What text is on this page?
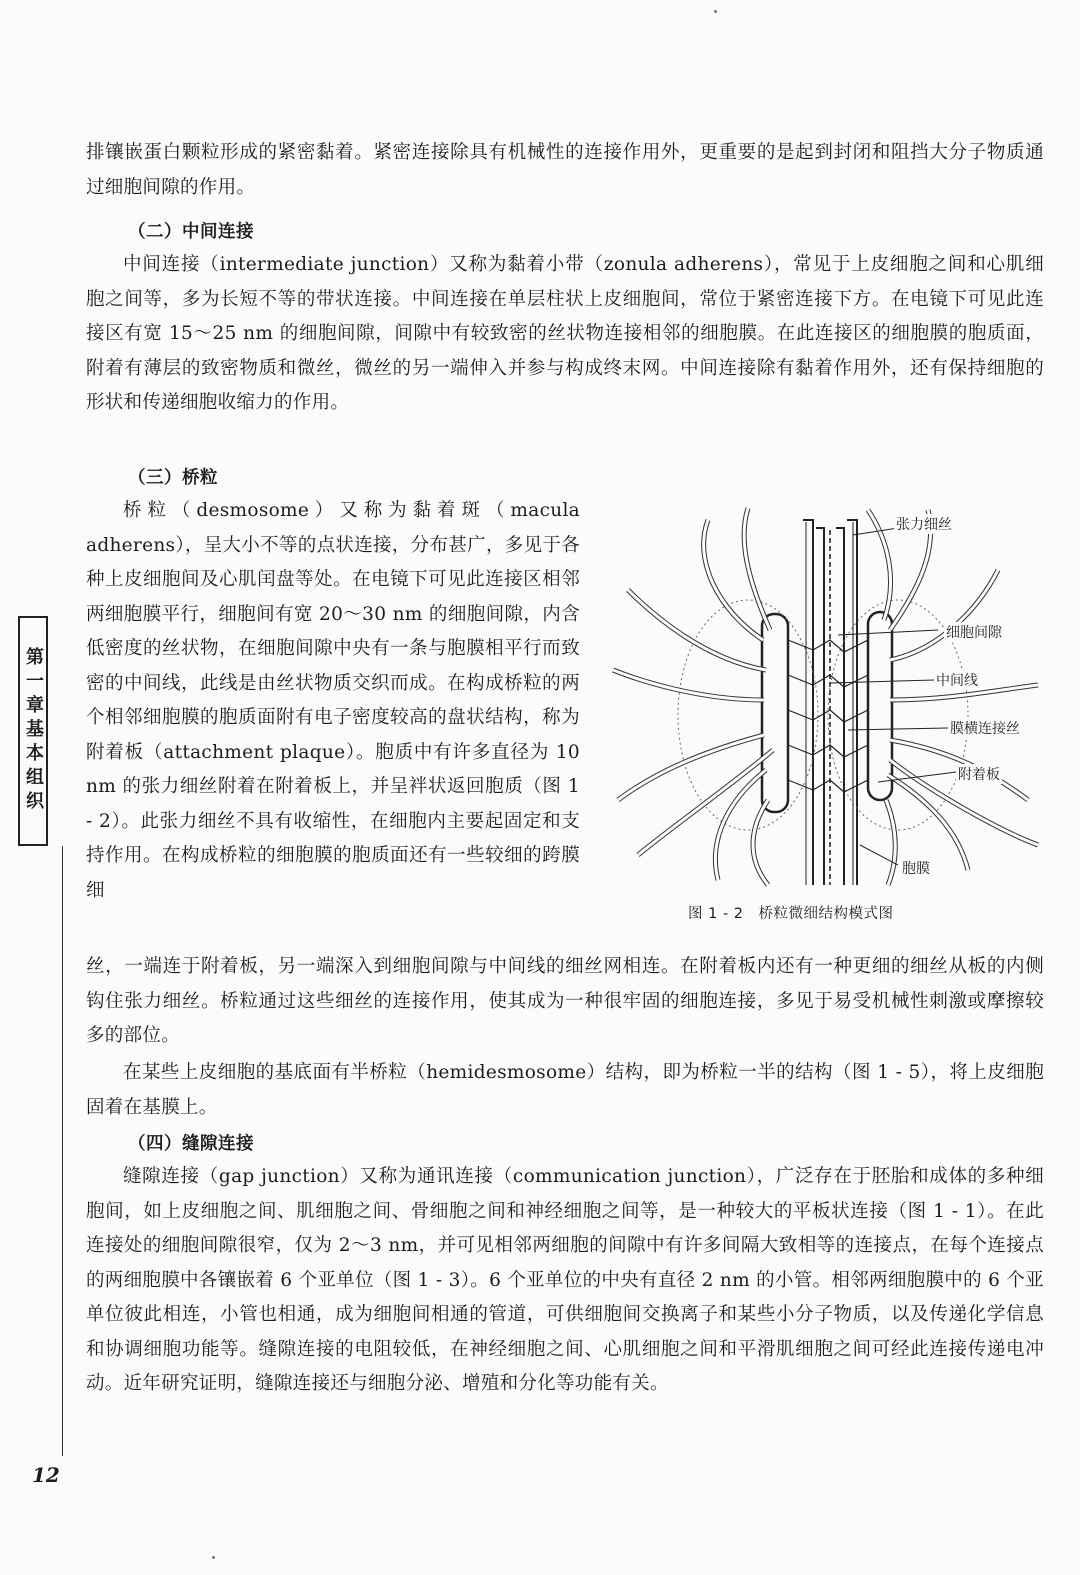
排镶嵌蛋白颗粒形成的紧密黏着。紧密连接除具有机械性的连接作用外，更重要的是起到封闭和阻挡大分子物质通过细胞间隙的作用。
（二）中间连接
中间连接（intermediate junction）又称为黏着小带（zonula adherens），常见于上皮细胞之间和心肌细胞之间等，多为长短不等的带状连接。中间连接在单层柱状上皮细胞间，常位于紧密连接下方。在电镜下可见此连接区有宽 15～25 nm 的细胞间隙，间隙中有较致密的丝状物连接相邻的细胞膜。在此连接区的细胞膜的胞质面，附着有薄层的致密物质和微丝，微丝的另一端伸入并参与构成终末网。中间连接除有黏着作用外，还有保持细胞的形状和传递细胞收缩力的作用。
（三）桥粒
桥粒（desmosome）又称为黏着斑（macula adherens），呈大小不等的点状连接，分布甚广，多见于各种上皮细胞间及心肌闰盘等处。在电镜下可见此连接区相邻两细胞膜平行，细胞间有宽 20～30 nm 的细胞间隙，内含低密度的丝状物，在细胞间隙中央有一条与胞膜相平行而致密的中间线，此线是由丝状物质交织而成。在构成桥粒的两个相邻细胞膜的胞质面附有电子密度较高的盘状结构，称为附着板（attachment plaque）。胞质中有许多直径为 10 nm 的张力细丝附着在附着板上，并呈袢状返回胞质（图 1 - 2）。此张力细丝不具有收缩性，在细胞内主要起固定和支持作用。在构成桥粒的细胞膜的胞质面还有一些较细的跨膜细
丝，一端连于附着板，另一端深入到细胞间隙与中间线的细丝网相连。在附着板内还有一种更细的细丝从板的内侧钩住张力细丝。桥粒通过这些细丝的连接作用，使其成为一种很牢固的细胞连接，多见于易受机械性刺激或摩擦较多的部位。
在某些上皮细胞的基底面有半桥粒（hemidesmosome）结构，即为桥粒一半的结构（图 1 - 5），将上皮细胞固着在基膜上。
（四）缝隙连接
缝隙连接（gap junction）又称为通讯连接（communication junction），广泛存在于胚胎和成体的多种细胞间，如上皮细胞之间、肌细胞之间、骨细胞之间和神经细胞之间等，是一种较大的平板状连接（图 1 - 1）。在此连接处的细胞间隙很窄，仅为 2～3 nm，并可见相邻两细胞的间隙中有许多间隔大致相等的连接点，在每个连接点的两细胞膜中各镶嵌着 6 个亚单位（图 1 - 3）。6 个亚单位的中央有直径 2 nm 的小管。相邻两细胞膜中的 6 个亚单位彼此相连，小管也相通，成为细胞间相通的管道，可供细胞间交换离子和某些小分子物质，以及传递化学信息和协调细胞功能等。缝隙连接的电阻较低，在神经细胞之间、心肌细胞之间和平滑肌细胞之间可经此连接传递电冲动。近年研究证明，缝隙连接还与细胞分泌、增殖和分化等功能有关。
张力细丝
细胞间隙
中间线
膜横连接丝
附着板
胞膜
图 1 - 2　桥粒微细结构模式图
第一章基本组织
12
